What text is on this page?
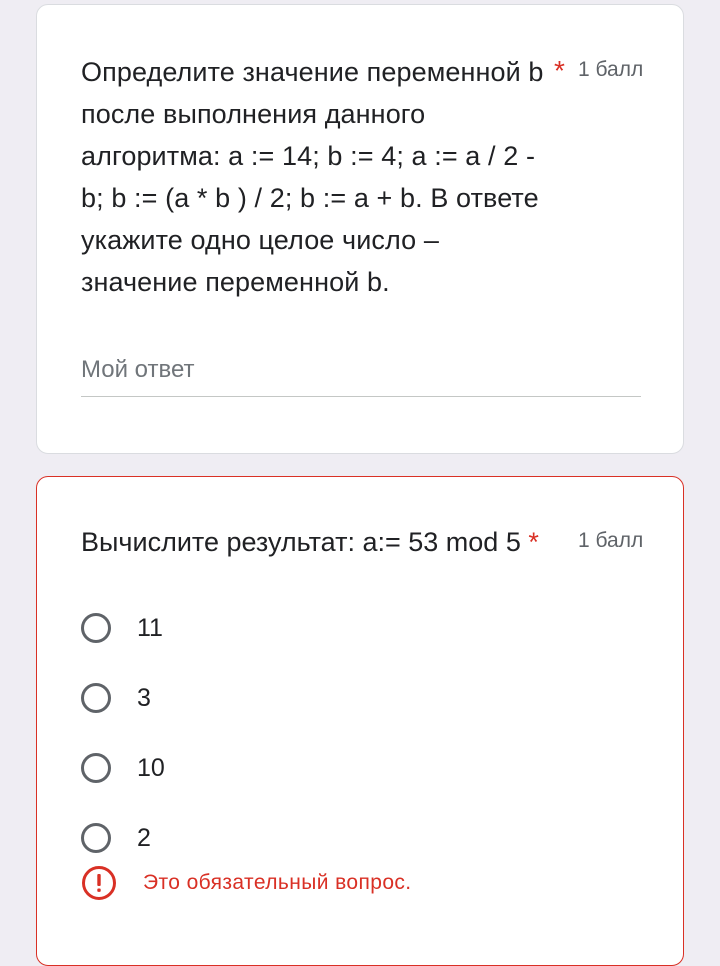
Определите значение переменной b после выполнения данного алгоритма: a := 14; b := 4; a := a / 2 - b; b := (a * b ) / 2; b := a + b. В ответе укажите одно целое число – значение переменной b.
* 1 балл
Мой ответ
Вычислите результат: a:= 53 mod 5 *	1 балл
11
3
10
2
Это обязательный вопрос.
